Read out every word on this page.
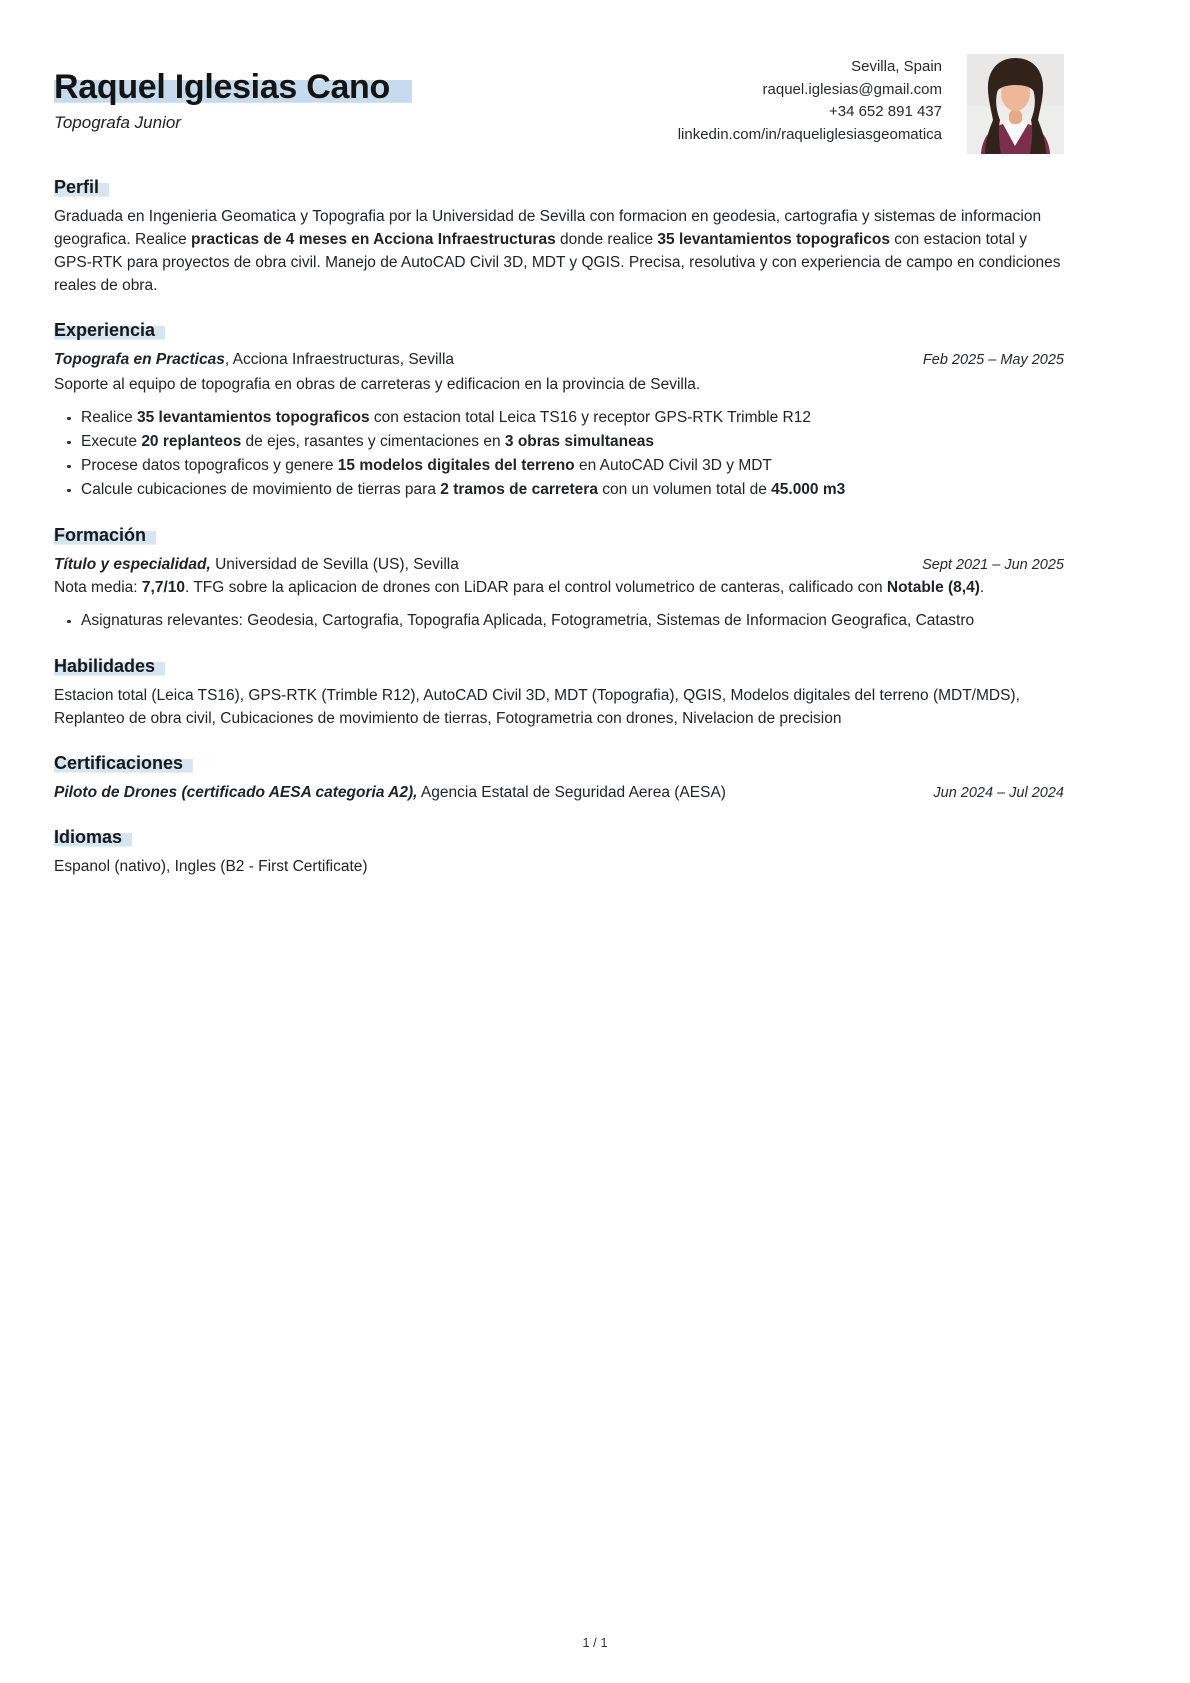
Raquel Iglesias Cano
Topografa Junior
Sevilla, Spain
raquel.iglesias@gmail.com
+34 652 891 437
linkedin.com/in/raqueliglesiasgeomatica
Perfil

Graduada en Ingenieria Geomatica y Topografia por la Universidad de Sevilla con formacion en geodesia, cartografia y sistemas de informacion geografica. Realice practicas de 4 meses en Acciona Infraestructuras donde realice 35 levantamientos topograficos con estacion total y GPS-RTK para proyectos de obra civil. Manejo de AutoCAD Civil 3D, MDT y QGIS. Precisa, resolutiva y con experiencia de campo en condiciones reales de obra.

Experiencia
Topografa en Practicas, Acciona Infraestructuras, Sevilla	Feb 2025 – May 2025

Soporte al equipo de topografia en obras de carreteras y edificacion en la provincia de Sevilla.

Realice 35 levantamientos topograficos con estacion total Leica TS16 y receptor GPS-RTK Trimble R12
Execute 20 replanteos de ejes, rasantes y cimentaciones en 3 obras simultaneas
Procese datos topograficos y genere 15 modelos digitales del terreno en AutoCAD Civil 3D y MDT
Calcule cubicaciones de movimiento de tierras para 2 tramos de carretera con un volumen total de 45.000 m3
Formación
Título y especialidad, Universidad de Sevilla (US), Sevilla	Sept 2021 – Jun 2025

Nota media: 7,7/10. TFG sobre la aplicacion de drones con LiDAR para el control volumetrico de canteras, calificado con Notable (8,4).

Asignaturas relevantes: Geodesia, Cartografia, Topografia Aplicada, Fotogrametria, Sistemas de Informacion Geografica, Catastro
Habilidades

Estacion total (Leica TS16), GPS-RTK (Trimble R12), AutoCAD Civil 3D, MDT (Topografia), QGIS, Modelos digitales del terreno (MDT/MDS), Replanteo de obra civil, Cubicaciones de movimiento de tierras, Fotogrametria con drones, Nivelacion de precision

Certificaciones
Piloto de Drones (certificado AESA categoria A2), Agencia Estatal de Seguridad Aerea (AESA)	Jun 2024 – Jul 2024
Idiomas

Espanol (nativo), Ingles (B2 - First Certificate)

1 / 1
